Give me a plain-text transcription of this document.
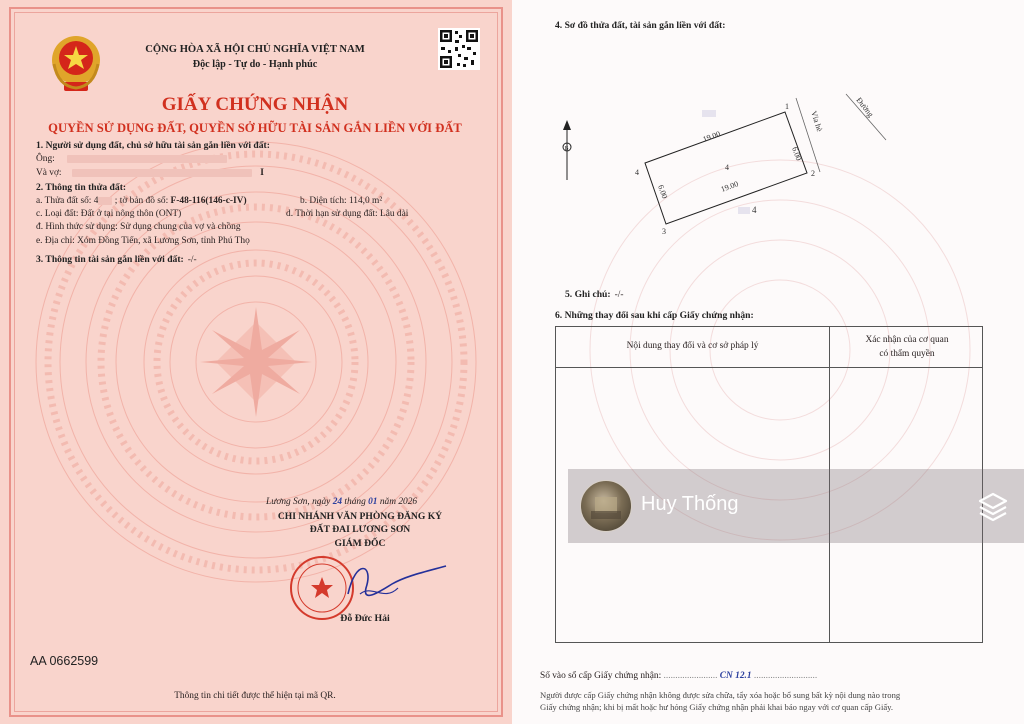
CỘNG HÒA XÃ HỘI CHỦ NGHĨA VIỆT NAM
Độc lập - Tự do - Hạnh phúc
GIẤY CHỨNG NHẬN
QUYỀN SỬ DỤNG ĐẤT, QUYỀN SỞ HỮU TÀI SẢN GẮN LIỀN VỚI ĐẤT
1. Người sử dụng đất, chủ sở hữu tài sản gắn liền với đất:
Ông:
Và vợ:	I
2. Thông tin thửa đất:
a. Thửa đất số: 4 ; tờ bản đồ số: F-48-116(146-c-IV)	b. Diện tích: 114,0 m²
c. Loại đất: Đất ở tại nông thôn (ONT)	d. Thời hạn sử dụng đất: Lâu dài
đ. Hình thức sử dụng: Sử dụng chung của vợ và chồng
e. Địa chỉ: Xóm Đồng Tiến, xã Lương Sơn, tỉnh Phú Thọ
3. Thông tin tài sản gắn liền với đất: -/-
Lương Sơn, ngày 24 tháng 01 năm 2026
CHI NHÁNH VĂN PHÒNG ĐĂNG KÝ
ĐẤT ĐAI LƯƠNG SƠN
GIÁM ĐỐC
Đỗ Đức Hải
AA 0662599
Thông tin chi tiết được thể hiện tại mã QR.
4. Sơ đồ thửa đất, tài sản gắn liền với đất:
B
19.00
19.00
6.00
6.00
4
4
1
2
3
4
Vỉa hè
Đường
5. Ghi chú: -/-
6. Những thay đổi sau khi cấp Giấy chứng nhận:
Nội dung thay đổi và cơ sở pháp lý
Xác nhận của cơ quan
có thẩm quyền
Số vào sổ cấp Giấy chứng nhận: ....................... CN 12.1 ...........................
Người được cấp Giấy chứng nhận không được sửa chữa, tẩy xóa hoặc bổ sung bất kỳ nội dung nào trong
Giấy chứng nhận; khi bị mất hoặc hư hỏng Giấy chứng nhận phải khai báo ngay với cơ quan cấp Giấy.
Huy Thống
